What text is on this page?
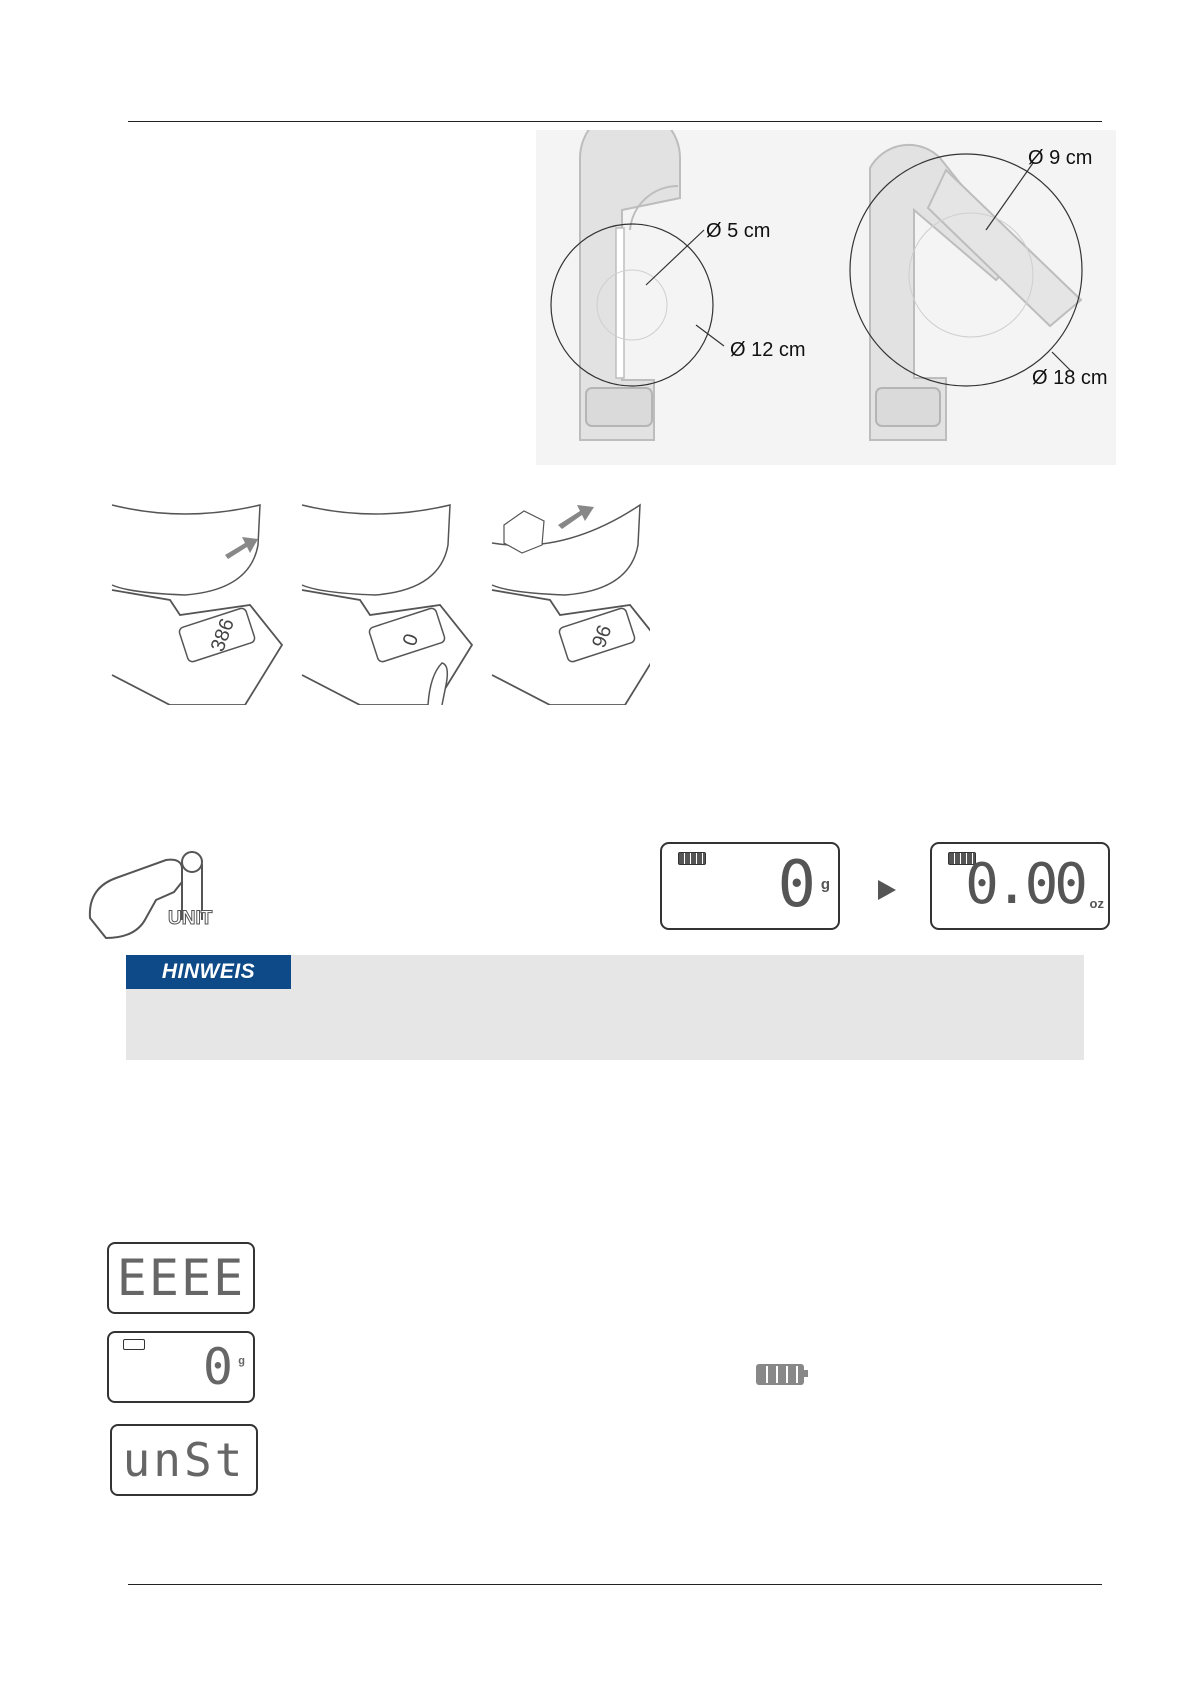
Ø 5 cm
Ø 12 cm
Ø 9 cm
Ø 18 cm
386	0	96
UNIT	0 g 0.00 oz
HINWEIS
EEEE
0 g
unSt
